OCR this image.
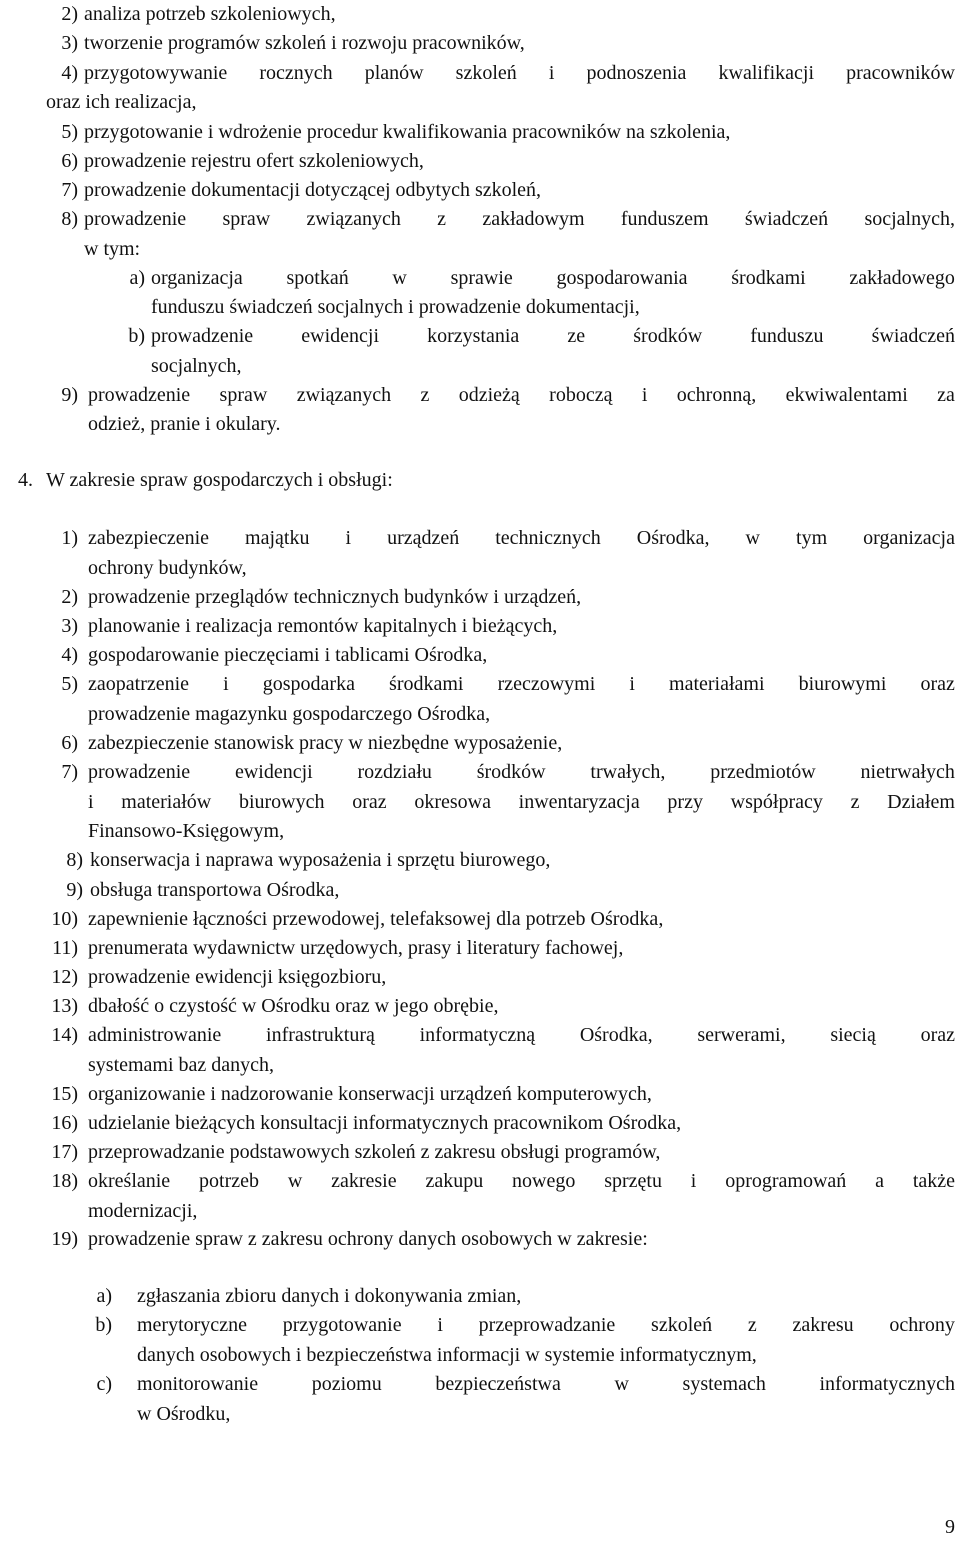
2) analiza potrzeb szkoleniowych,
3) tworzenie programów szkoleń i rozwoju pracowników,
4) przygotowywanie rocznych planów szkoleń i podnoszenia kwalifikacji pracowników
oraz ich realizacja,
5) przygotowanie i wdrożenie procedur kwalifikowania pracowników na szkolenia,
6) prowadzenie rejestru ofert szkoleniowych,
7) prowadzenie dokumentacji dotyczącej odbytych szkoleń,
8) prowadzenie spraw związanych z zakładowym funduszem świadczeń socjalnych,
w tym:
a) organizacja spotkań w sprawie gospodarowania środkami zakładowego
funduszu świadczeń socjalnych i prowadzenie dokumentacji,
b) prowadzenie ewidencji korzystania ze środków funduszu świadczeń
socjalnych,
9) prowadzenie spraw związanych z odzieżą roboczą i ochronną, ekwiwalentami za
odzież, pranie i okulary.
4. W zakresie spraw gospodarczych i obsługi:
1) zabezpieczenie majątku i urządzeń technicznych Ośrodka, w tym organizacja
ochrony budynków,
2) prowadzenie przeglądów technicznych budynków i urządzeń,
3) planowanie i realizacja remontów kapitalnych i bieżących,
4) gospodarowanie pieczęciami i tablicami Ośrodka,
5) zaopatrzenie i gospodarka środkami rzeczowymi i materiałami biurowymi oraz
prowadzenie magazynku gospodarczego Ośrodka,
6) zabezpieczenie stanowisk pracy w niezbędne wyposażenie,
7) prowadzenie ewidencji rozdziału środków trwałych, przedmiotów nietrwałych
i materiałów biurowych oraz okresowa inwentaryzacja przy współpracy z Działem
Finansowo-Księgowym,
8) konserwacja i naprawa wyposażenia i sprzętu biurowego,
9) obsługa transportowa Ośrodka,
10) zapewnienie łączności przewodowej, telefaksowej dla potrzeb Ośrodka,
11) prenumerata wydawnictw urzędowych, prasy i literatury fachowej,
12) prowadzenie ewidencji księgozbioru,
13) dbałość o czystość w Ośrodku oraz w jego obrębie,
14) administrowanie infrastrukturą informatyczną Ośrodka, serwerami, siecią oraz
systemami baz danych,
15) organizowanie i nadzorowanie konserwacji urządzeń komputerowych,
16) udzielanie bieżących konsultacji informatycznych pracownikom Ośrodka,
17) przeprowadzanie podstawowych szkoleń z zakresu obsługi programów,
18) określanie potrzeb w zakresie zakupu nowego sprzętu i oprogramowań a także
modernizacji,
19) prowadzenie spraw z zakresu ochrony danych osobowych w zakresie:
a) zgłaszania zbioru danych i dokonywania zmian,
b) merytoryczne przygotowanie i przeprowadzanie szkoleń z zakresu ochrony
danych osobowych i bezpieczeństwa informacji w systemie informatycznym,
c) monitorowanie	poziomu	bezpieczeństwa	w	systemach	informatycznych
w Ośrodku,
9
